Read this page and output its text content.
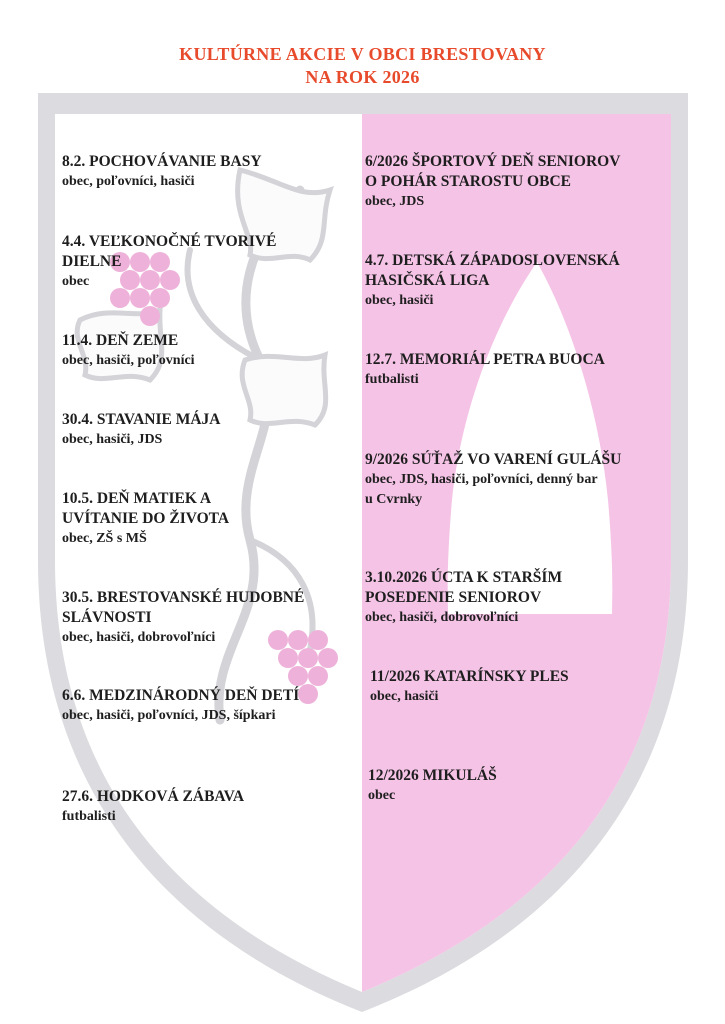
KULTÚRNE AKCIE V OBCI BRESTOVANY
NA ROK 2026
8.2. POCHOVÁVANIE BASY
obec, poľovníci, hasiči
4.4. VEĽKONOČNÉ TVORIVÉ
DIELNE
obec
11.4. DEŇ ZEME
obec, hasiči, poľovníci
30.4. STAVANIE MÁJA
obec, hasiči, JDS
10.5. DEŇ MATIEK A
UVÍTANIE DO ŽIVOTA
obec, ZŠ s MŠ
30.5. BRESTOVANSKÉ HUDOBNÉ
SLÁVNOSTI
obec, hasiči, dobrovoľníci
6.6. MEDZINÁRODNÝ DEŇ DETÍ
obec, hasiči, poľovníci, JDS, šípkari
27.6. HODKOVÁ ZÁBAVA
futbalisti
6/2026 ŠPORTOVÝ DEŇ SENIOROV
O POHÁR STAROSTU OBCE
obec, JDS
4.7. DETSKÁ ZÁPADOSLOVENSKÁ
HASIČSKÁ LIGA
obec, hasiči
12.7. MEMORIÁL PETRA BUOCA
futbalisti
9/2026 SÚŤAŽ VO VARENÍ GULÁŠU
obec, JDS, hasiči, poľovníci, denný bar
u Cvrnky
3.10.2026 ÚCTA K STARŠÍM
POSEDENIE SENIOROV
obec, hasiči, dobrovoľníci
11/2026 KATARÍNSKY PLES
obec, hasiči
12/2026 MIKULÁŠ
obec
